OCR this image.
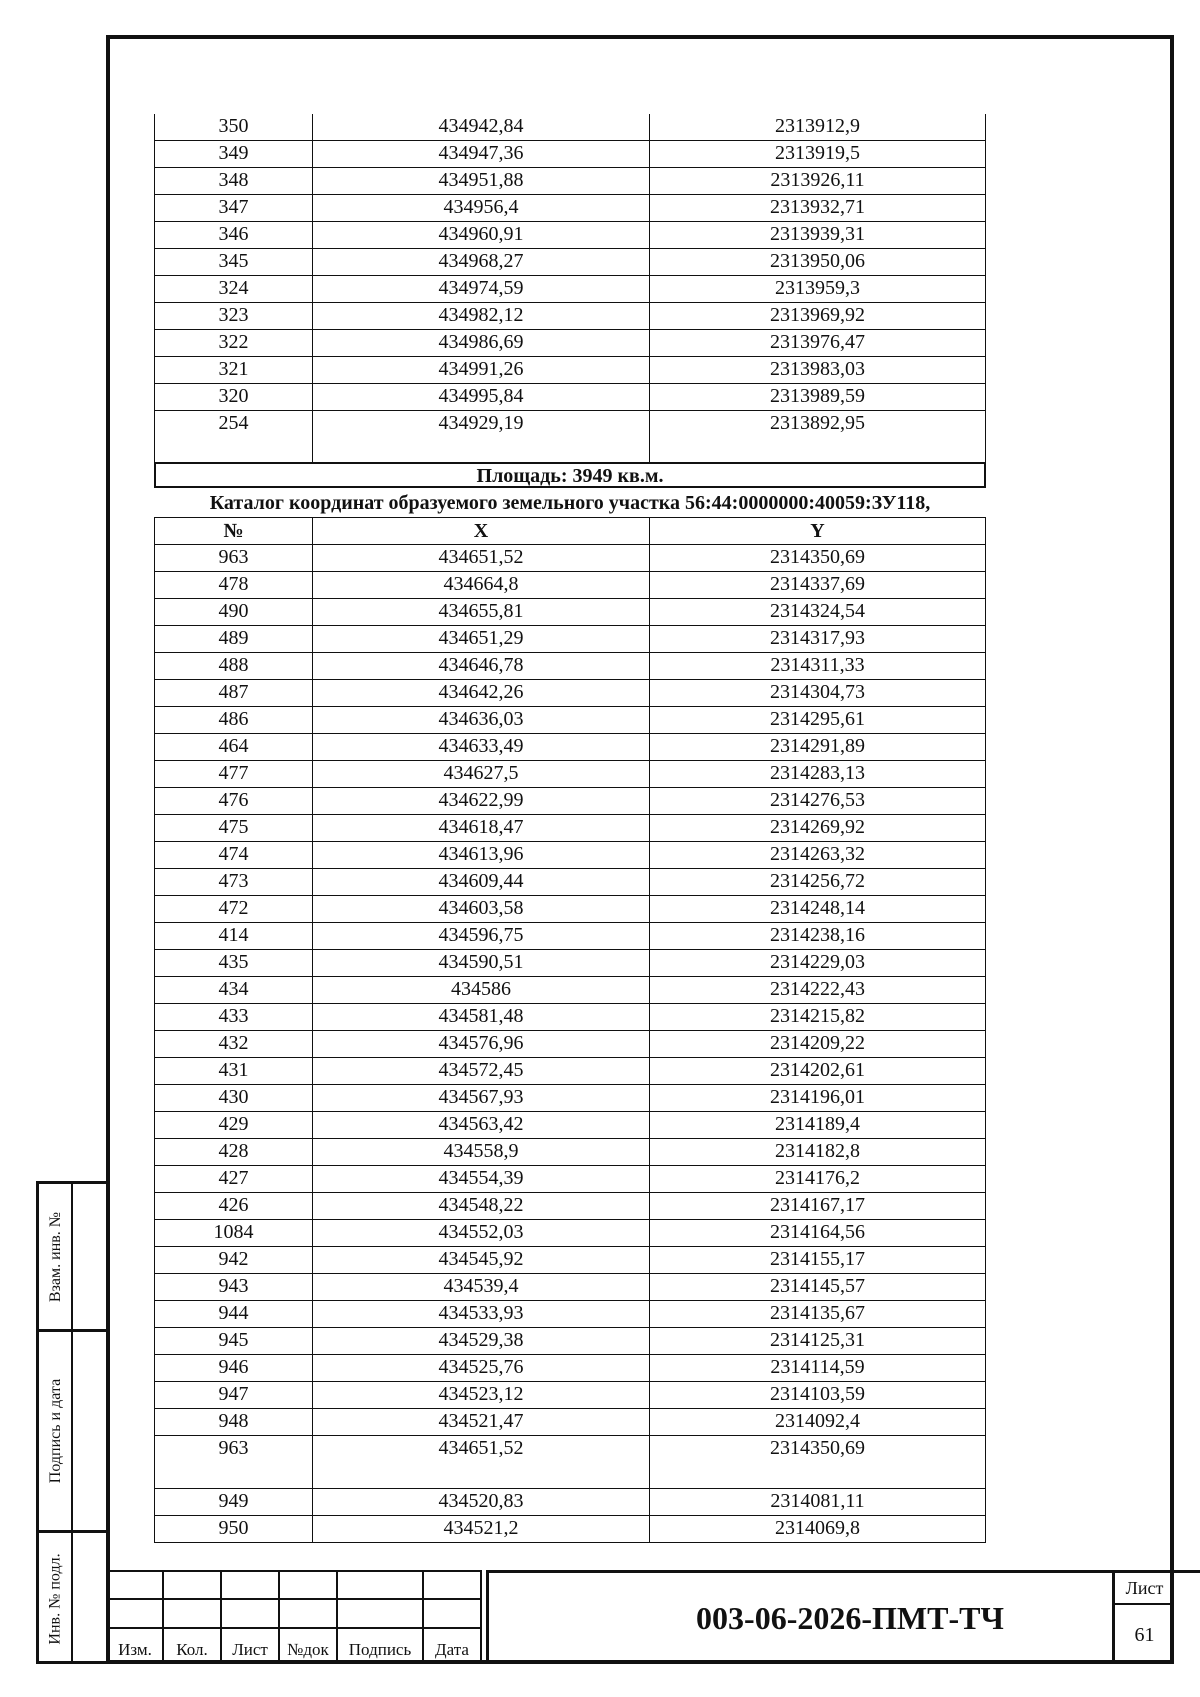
Взам. инв. №
Подпись и дата
Инв. № подл.
350	434942,84	2313912,9
349	434947,36	2313919,5
348	434951,88	2313926,11
347	434956,4	2313932,71
346	434960,91	2313939,31
345	434968,27	2313950,06
324	434974,59	2313959,3
323	434982,12	2313969,92
322	434986,69	2313976,47
321	434991,26	2313983,03
320	434995,84	2313989,59
254	434929,19	2313892,95
Площадь: 3949 кв.м.
Каталог координат образуемого земельного участка 56:44:0000000:40059:ЗУ118,
№	X	Y
963	434651,52	2314350,69
478	434664,8	2314337,69
490	434655,81	2314324,54
489	434651,29	2314317,93
488	434646,78	2314311,33
487	434642,26	2314304,73
486	434636,03	2314295,61
464	434633,49	2314291,89
477	434627,5	2314283,13
476	434622,99	2314276,53
475	434618,47	2314269,92
474	434613,96	2314263,32
473	434609,44	2314256,72
472	434603,58	2314248,14
414	434596,75	2314238,16
435	434590,51	2314229,03
434	434586	2314222,43
433	434581,48	2314215,82
432	434576,96	2314209,22
431	434572,45	2314202,61
430	434567,93	2314196,01
429	434563,42	2314189,4
428	434558,9	2314182,8
427	434554,39	2314176,2
426	434548,22	2314167,17
1084	434552,03	2314164,56
942	434545,92	2314155,17
943	434539,4	2314145,57
944	434533,93	2314135,67
945	434529,38	2314125,31
946	434525,76	2314114,59
947	434523,12	2314103,59
948	434521,47	2314092,4
963	434651,52	2314350,69
949	434520,83	2314081,11
950	434521,2	2314069,8

Изм.	Кол.	Лист	№док	Подпись	Дата
003-06-2026-ПМТ-ТЧ
Лист
61
